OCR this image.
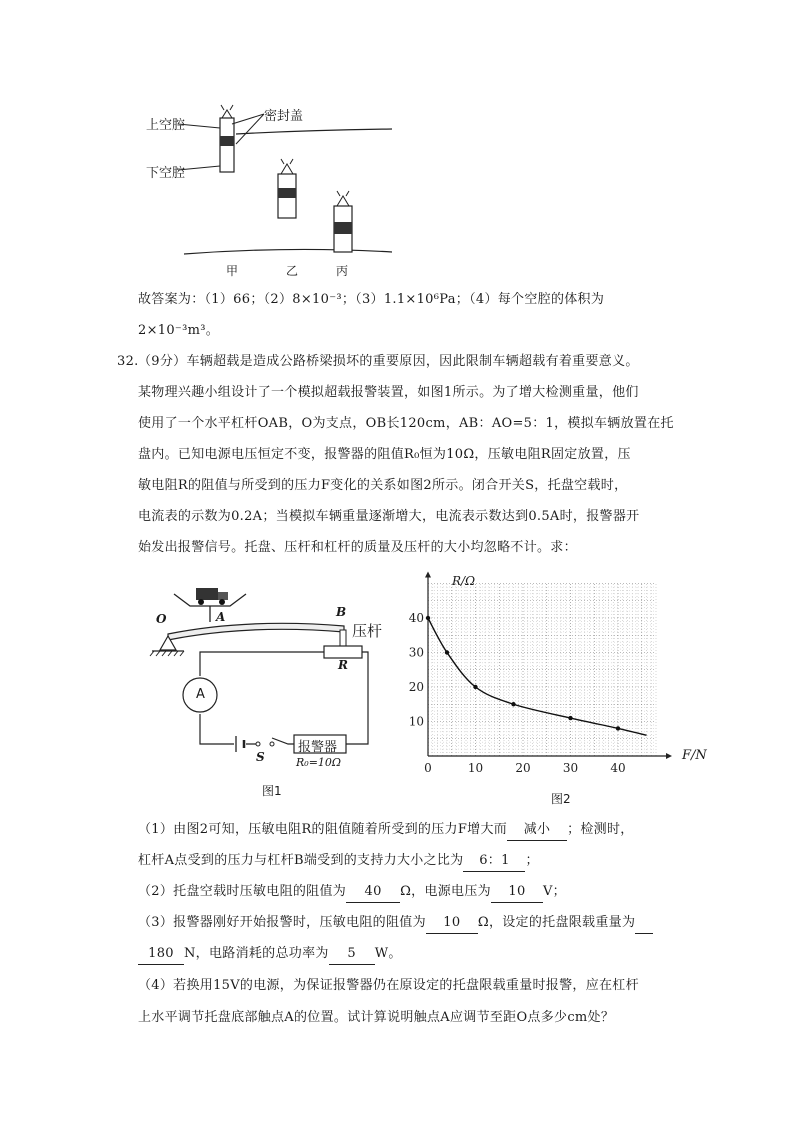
上空腔
密封盖
下空腔
甲	乙	丙
故答案为：（1）66；（2）8×10⁻³；（3）1.1×10⁶Pa；（4）每个空腔的体积为
2×10⁻³m³。
32. （9分）车辆超载是造成公路桥梁损坏的重要原因，因此限制车辆超载有着重要意义。
某物理兴趣小组设计了一个模拟超载报警装置，如图1所示。为了增大检测重量，他们
使用了一个水平杠杆OAB，O为支点，OB长120cm，AB：AO=5：1，模拟车辆放置在托
盘内。已知电源电压恒定不变，报警器的阻值R₀恒为10Ω，压敏电阻R固定放置，压
敏电阻R的阻值与所受到的压力F变化的关系如图2所示。闭合开关S，托盘空载时，
电流表的示数为0.2A；当模拟车辆重量逐渐增大，电流表示数达到0.5A时，报警器开
始发出报警信号。托盘、压杆和杠杆的质量及压杆的大小均忽略不计。求：
O	A	B
压杆
R
A
S
报警器
R₀=10Ω
图1
0	10	20	30	40
10
20
30
40
R/Ω
F/N
图2
（1）由图2可知，压敏电阻R的阻值随着所受到的压力F增大而 减小 ；检测时，
杠杆A点受到的压力与杠杆B端受到的支持力大小之比为 6：1 ；
（2）托盘空载时压敏电阻的阻值为 40 Ω，电源电压为 10 V；
（3）报警器刚好开始报警时，压敏电阻的阻值为 10 Ω，设定的托盘限载重量为
180 N，电路消耗的总功率为 5 W。
（4）若换用15V的电源，为保证报警器仍在原设定的托盘限载重量时报警，应在杠杆
上水平调节托盘底部触点A的位置。试计算说明触点A应调节至距O点多少cm处？
